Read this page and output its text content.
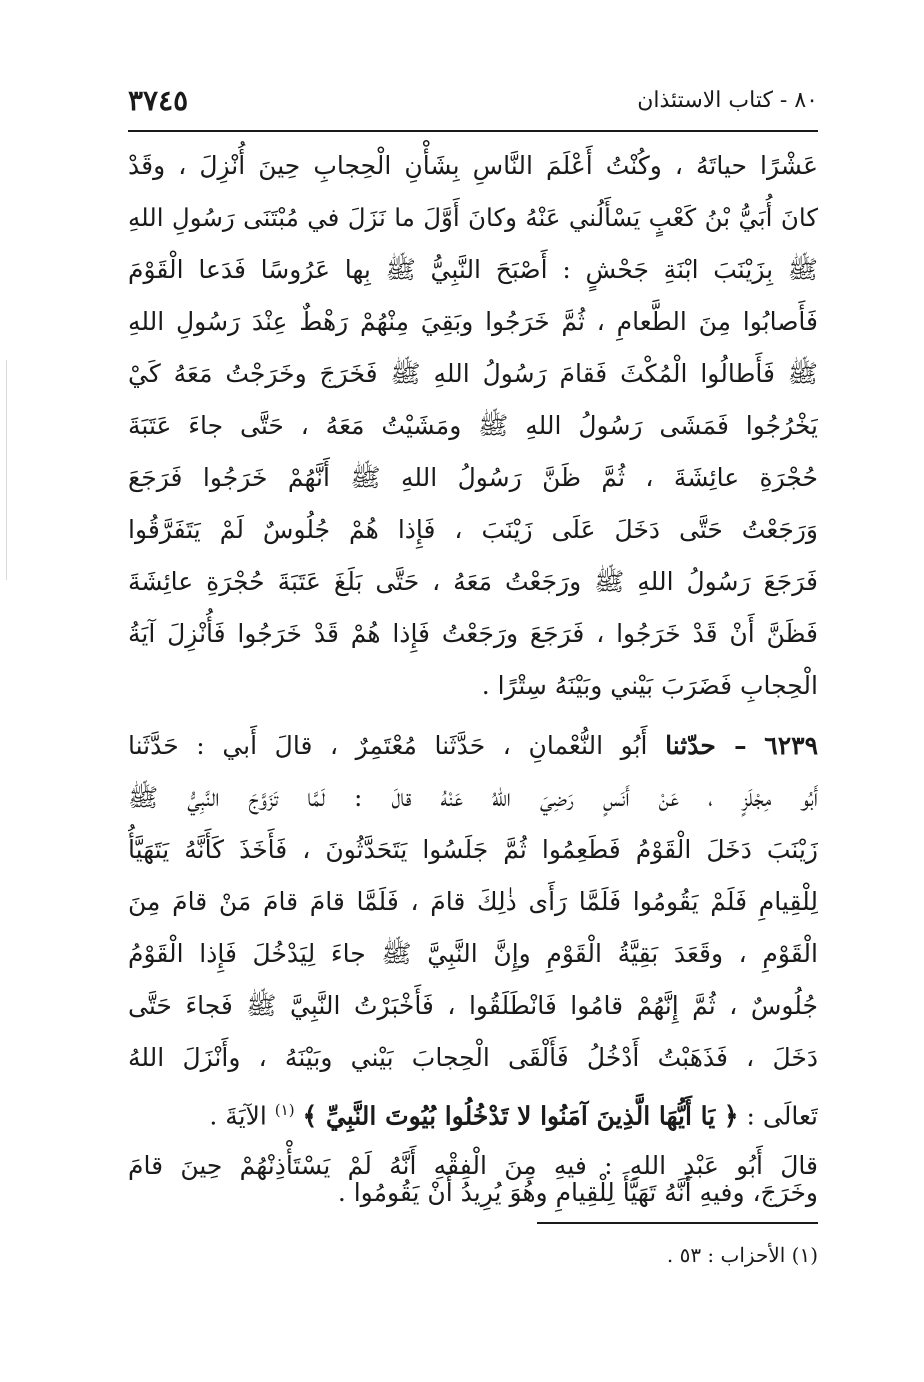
٨٠ - كتاب الاستئذان
٣٧٤٥
عَشْرًا حياتَهُ ، وكُنْتُ أَعْلَمَ النَّاسِ بِشَأْنِ الْحِجابِ حِينَ أُنْزِلَ ، وقَدْ
كانَ أُبَيُّ بْنُ كَعْبٍ يَسْأَلُني عَنْهُ وكانَ أَوَّلَ ما نَزَلَ في مُبْتَنَى رَسُولِ اللهِ
ﷺ بِزَيْنَبَ ابْنَةِ جَحْشٍ : أَصْبَحَ النَّبِيُّ ﷺ بِها عَرُوسًا فَدَعا الْقَوْمَ
فَأَصابُوا مِنَ الطَّعامِ ، ثُمَّ خَرَجُوا وبَقِيَ مِنْهُمْ رَهْطٌ عِنْدَ رَسُولِ اللهِ
ﷺ فَأَطالُوا الْمُكْثَ فَقامَ رَسُولُ اللهِ ﷺ فَخَرَجَ وخَرَجْتُ مَعَهُ كَيْ
يَخْرُجُوا فَمَشَى رَسُولُ اللهِ ﷺ ومَشَيْتُ مَعَهُ ، حَتَّى جاءَ عَتَبَةَ
حُجْرَةِ عائِشَةَ ، ثُمَّ ظَنَّ رَسُولُ اللهِ ﷺ أَنَّهُمْ خَرَجُوا فَرَجَعَ
وَرَجَعْتُ حَتَّى دَخَلَ عَلَى زَيْنَبَ ، فَإِذا هُمْ جُلُوسٌ لَمْ يَتَفَرَّقُوا
فَرَجَعَ رَسُولُ اللهِ ﷺ ورَجَعْتُ مَعَهُ ، حَتَّى بَلَغَ عَتَبَةَ حُجْرَةِ عائِشَةَ
فَظَنَّ أَنْ قَدْ خَرَجُوا ، فَرَجَعَ ورَجَعْتُ فَإِذا هُمْ قَدْ خَرَجُوا فَأُنْزِلَ آيَةُ
الْحِجابِ فَضَرَبَ بَيْني وبَيْنَهُ سِتْرًا .
٦٢٣٩ – حدّثنا أَبُو النُّعْمانِ ، حَدَّثَنا مُعْتَمِرٌ ، قالَ أَبي : حَدَّثَنا
أَبُو مِجْلَزٍ ، عَنْ أَنَسٍ رَضِيَ اللهُ عَنْهُ قالَ : لَمَّا تَزَوَّجَ النَّبِيُّ ﷺ
زَيْنَبَ دَخَلَ الْقَوْمُ فَطَعِمُوا ثُمَّ جَلَسُوا يَتَحَدَّثُونَ ، فَأَخَذَ كَأَنَّهُ يَتَهَيَّأُ
لِلْقِيامِ فَلَمْ يَقُومُوا فَلَمَّا رَأَى ذٰلِكَ قامَ ، فَلَمَّا قامَ قامَ مَنْ قامَ مِنَ
الْقَوْمِ ، وقَعَدَ بَقِيَّةُ الْقَوْمِ وإِنَّ النَّبِيَّ ﷺ جاءَ لِيَدْخُلَ فَإِذا الْقَوْمُ
جُلُوسٌ ، ثُمَّ إِنَّهُمْ قامُوا فَانْطَلَقُوا ، فَأَخْبَرْتُ النَّبِيَّ ﷺ فَجاءَ حَتَّى
دَخَلَ ، فَذَهَبْتُ أَدْخُلُ فَأَلْقَى الْحِجابَ بَيْني وبَيْنَهُ ، وأَنْزَلَ اللهُ
تَعالَى : ﴿ يَا أَيُّهَا الَّذِينَ آمَنُوا لا تَدْخُلُوا بُيُوتَ النَّبِيِّ ﴾ $^{(١)}$ الآيَةَ .
قالَ أَبُو عَبْدِ اللهِ : فيهِ مِنَ الْفِقْهِ أَنَّهُ لَمْ يَسْتَأْذِنْهُمْ حِينَ قامَ
وخَرَجَ، وفيهِ أَنَّهُ تَهَيَّأَ لِلْقِيامِ وهُوَ يُرِيدُ أَنْ يَقُومُوا .
(١) الأحزاب : ٥٣ .
